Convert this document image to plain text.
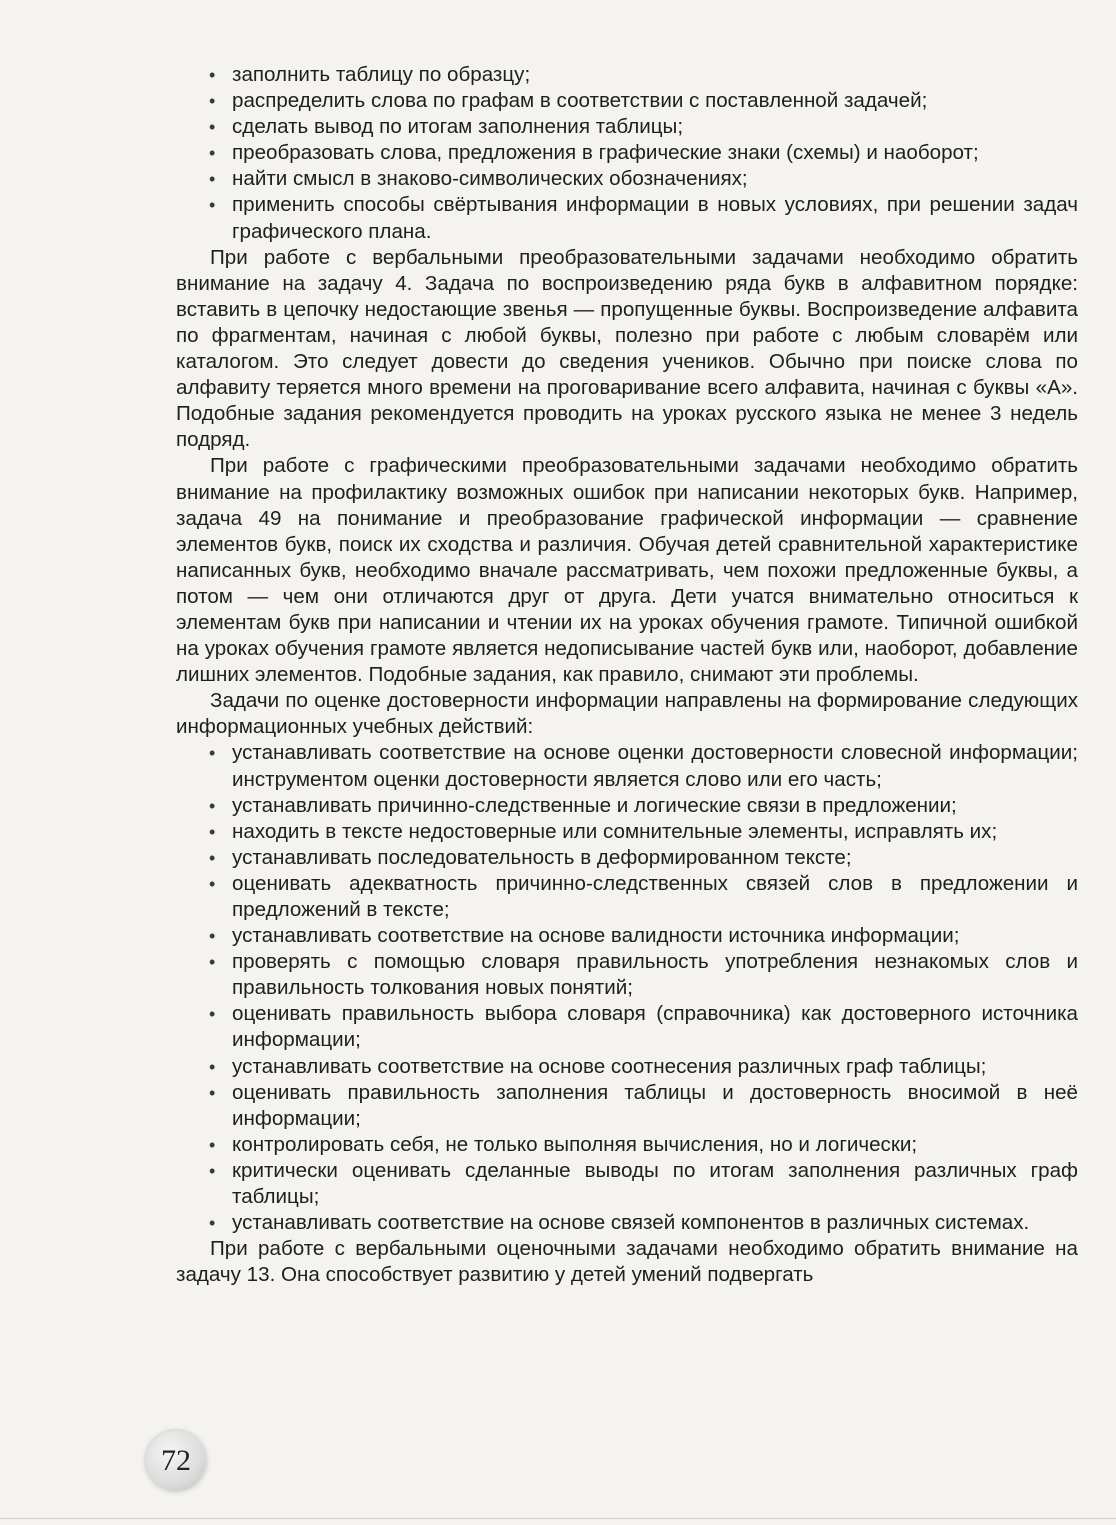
• заполнить таблицу по образцу;
• распределить слова по графам в соответствии с поставленной задачей;
• сделать вывод по итогам заполнения таблицы;
• преобразовать слова, предложения в графические знаки (схемы) и наоборот;
• найти смысл в знаково-символических обозначениях;
• применить способы свёртывания информации в новых условиях, при решении задач графического плана.

При работе с вербальными преобразовательными задачами необходимо обратить внимание на задачу 4. Задача по воспроизведению ряда букв в алфавитном порядке: вставить в цепочку недостающие звенья — пропущенные буквы. Воспроизведение алфавита по фрагментам, начиная с любой буквы, полезно при работе с любым словарём или каталогом. Это следует довести до сведения учеников. Обычно при поиске слова по алфавиту теряется много времени на проговаривание всего алфавита, начиная с буквы «А». Подобные задания рекомендуется проводить на уроках русского языка не менее 3 недель подряд.

При работе с графическими преобразовательными задачами необходимо обратить внимание на профилактику возможных ошибок при написании некоторых букв. Например, задача 49 на понимание и преобразование графической информации — сравнение элементов букв, поиск их сходства и различия. Обучая детей сравнительной характеристике написанных букв, необходимо вначале рассматривать, чем похожи предложенные буквы, а потом — чем они отличаются друг от друга. Дети учатся внимательно относиться к элементам букв при написании и чтении их на уроках обучения грамоте. Типичной ошибкой на уроках обучения грамоте является недописывание частей букв или, наоборот, добавление лишних элементов. Подобные задания, как правило, снимают эти проблемы.

Задачи по оценке достоверности информации направлены на формирование следующих информационных учебных действий:

• устанавливать соответствие на основе оценки достоверности словесной информации; инструментом оценки достоверности является слово или его часть;
• устанавливать причинно-следственные и логические связи в предложении;
• находить в тексте недостоверные или сомнительные элементы, исправлять их;
• устанавливать последовательность в деформированном тексте;
• оценивать адекватность причинно-следственных связей слов в предложении и предложений в тексте;
• устанавливать соответствие на основе валидности источника информации;
• проверять с помощью словаря правильность употребления незнакомых слов и правильность толкования новых понятий;
• оценивать правильность выбора словаря (справочника) как достоверного источника информации;
• устанавливать соответствие на основе соотнесения различных граф таблицы;
• оценивать правильность заполнения таблицы и достоверность вносимой в неё информации;
• контролировать себя, не только выполняя вычисления, но и логически;
• критически оценивать сделанные выводы по итогам заполнения различных граф таблицы;
• устанавливать соответствие на основе связей компонентов в различных системах.

При работе с вербальными оценочными задачами необходимо обратить внимание на задачу 13. Она способствует развитию у детей умений подвергать

72
